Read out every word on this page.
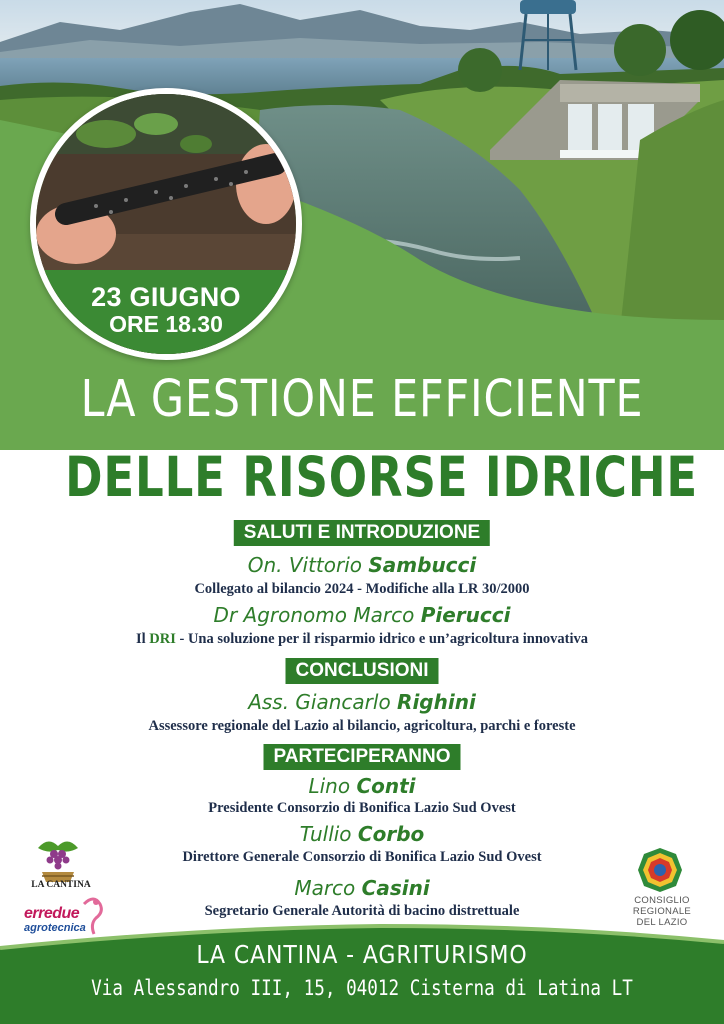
23 GIUGNO
ORE 18.30
LA GESTIONE EFFICIENTE
DELLE RISORSE IDRICHE
SALUTI E INTRODUZIONE
On. Vittorio Sambucci
Collegato al bilancio 2024 - Modifiche alla LR 30/2000
Dr Agronomo Marco Pierucci
Il DRI - Una soluzione per il risparmio idrico e un’agricoltura innovativa
CONCLUSIONI
Ass. Giancarlo Righini
Assessore regionale del Lazio al bilancio, agricoltura, parchi e foreste
PARTECIPERANNO
Lino Conti
Presidente Consorzio di Bonifica Lazio Sud Ovest
Tullio Corbo
Direttore Generale Consorzio di Bonifica Lazio Sud Ovest
Marco Casini
Segretario Generale Autorità di bacino distrettuale
LA CANTINA
erredue
agrotecnica
CONSIGLIO
REGIONALE
DEL LAZIO
LA CANTINA - AGRITURISMO
Via Alessandro III, 15, 04012 Cisterna di Latina LT
